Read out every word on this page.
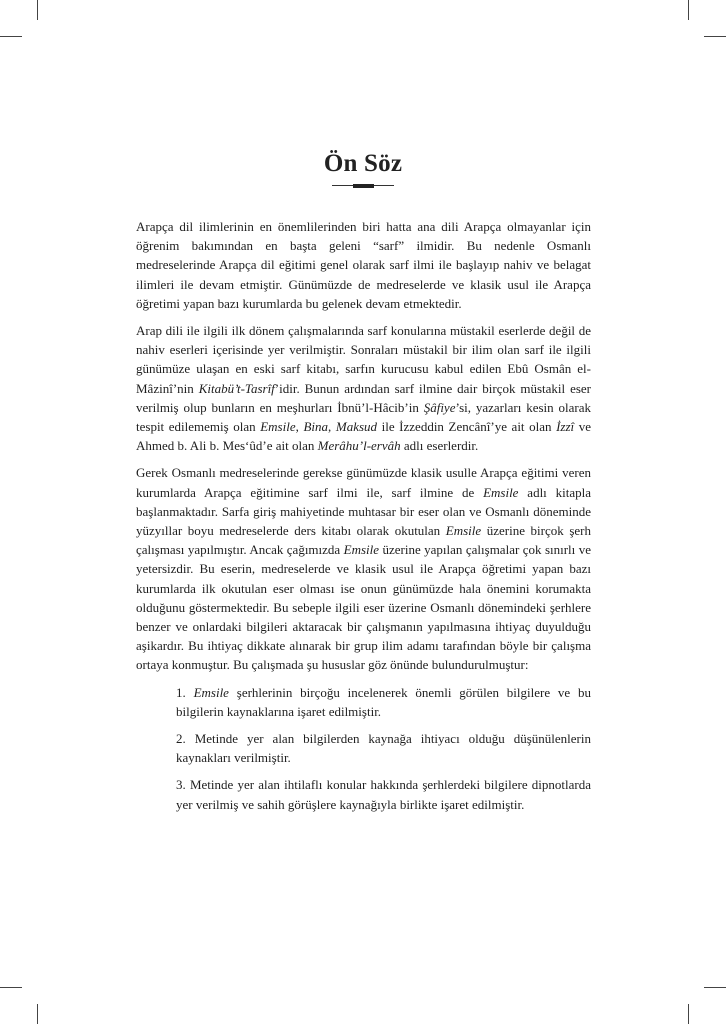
Ön Söz

Arapça dil ilimlerinin en önemlilerinden biri hatta ana dili Arapça olmayanlar için öğrenim bakımından en başta geleni “sarf” ilmidir. Bu nedenle Osmanlı medreselerinde Arapça dil eğitimi genel olarak sarf ilmi ile başlayıp nahiv ve belagat ilimleri ile devam etmiştir. Günümüzde de medreselerde ve klasik usul ile Arapça öğretimi yapan bazı kurumlarda bu gelenek devam etmektedir.

Arap dili ile ilgili ilk dönem çalışmalarında sarf konularına müstakil eserlerde değil de nahiv eserleri içerisinde yer verilmiştir. Sonraları müstakil bir ilim olan sarf ile ilgili günümüze ulaşan en eski sarf kitabı, sarfın kurucusu kabul edilen Ebû Osmân el-Mâzinî’nin Kitabü’t-Tasrîf’idir. Bunun ardından sarf ilmine dair birçok müstakil eser verilmiş olup bunların en meşhurları İbnü’l-Hâcib’in Şâfiye’si, yazarları kesin olarak tespit edilememiş olan Emsile, Bina, Maksud ile İzzeddin Zencânî’ye ait olan İzzî ve Ahmed b. Ali b. Mes‘ûd’e ait olan Merâhu’l-ervâh adlı eserlerdir.

Gerek Osmanlı medreselerinde gerekse günümüzde klasik usulle Arapça eğitimi veren kurumlarda Arapça eğitimine sarf ilmi ile, sarf ilmine de Emsile adlı kitapla başlanmaktadır. Sarfa giriş mahiyetinde muhtasar bir eser olan ve Osmanlı döneminde yüzyıllar boyu medreselerde ders kitabı olarak okutulan Emsile üzerine birçok şerh çalışması yapılmıştır. Ancak çağımızda Emsile üzerine yapılan çalışmalar çok sınırlı ve yetersizdir. Bu eserin, medreselerde ve klasik usul ile Arapça öğretimi yapan bazı kurumlarda ilk okutulan eser olması ise onun günümüzde hala önemini korumakta olduğunu göstermektedir. Bu sebeple ilgili eser üzerine Osmanlı dönemindeki şerhlere benzer ve onlardaki bilgileri aktaracak bir çalışmanın yapılmasına ihtiyaç duyulduğu aşikardır. Bu ihtiyaç dikkate alınarak bir grup ilim adamı tarafından böyle bir çalışma ortaya konmuştur. Bu çalışmada şu hususlar göz önünde bulundurulmuştur:

1. Emsile şerhlerinin birçoğu incelenerek önemli görülen bilgilere ve bu bilgilerin kaynaklarına işaret edilmiştir.
2. Metinde yer alan bilgilerden kaynağa ihtiyacı olduğu düşünülenlerin kaynakları verilmiştir.
3. Metinde yer alan ihtilaflı konular hakkında şerhlerdeki bilgilere dipnotlarda yer verilmiş ve sahih görüşlere kaynağıyla birlikte işaret edilmiştir.
